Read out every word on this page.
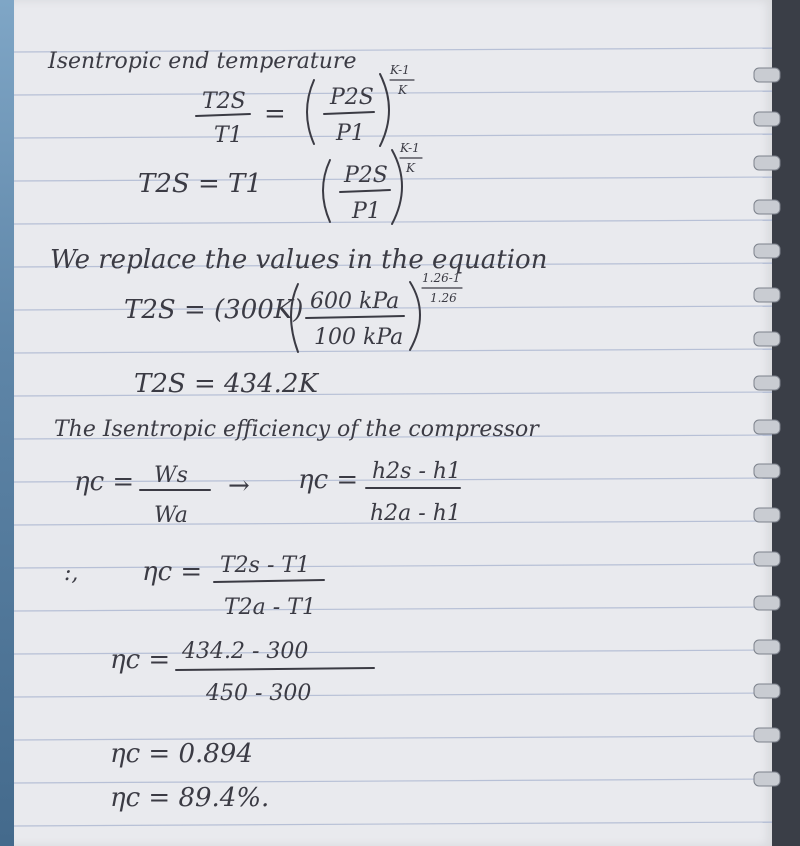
Isentropic end temperature
T2S
T1
=
P2S
P1
K-1
K
T2S = T1	P2S
P1
K-1
K
We replace the values in the equation
T2S = (300K) 600 kPa
100 kPa
1.26-1
1.26
T2S = 434.2K
The Isentropic efficiency of the compressor
ηc = Ws
Wa
→ ηc = h2s - h1
h2a - h1
:, ηc = T2s - T1
T2a - T1
ηc = 434.2 - 300
450 - 300
ηc = 0.894
ηc = 89.4%.
